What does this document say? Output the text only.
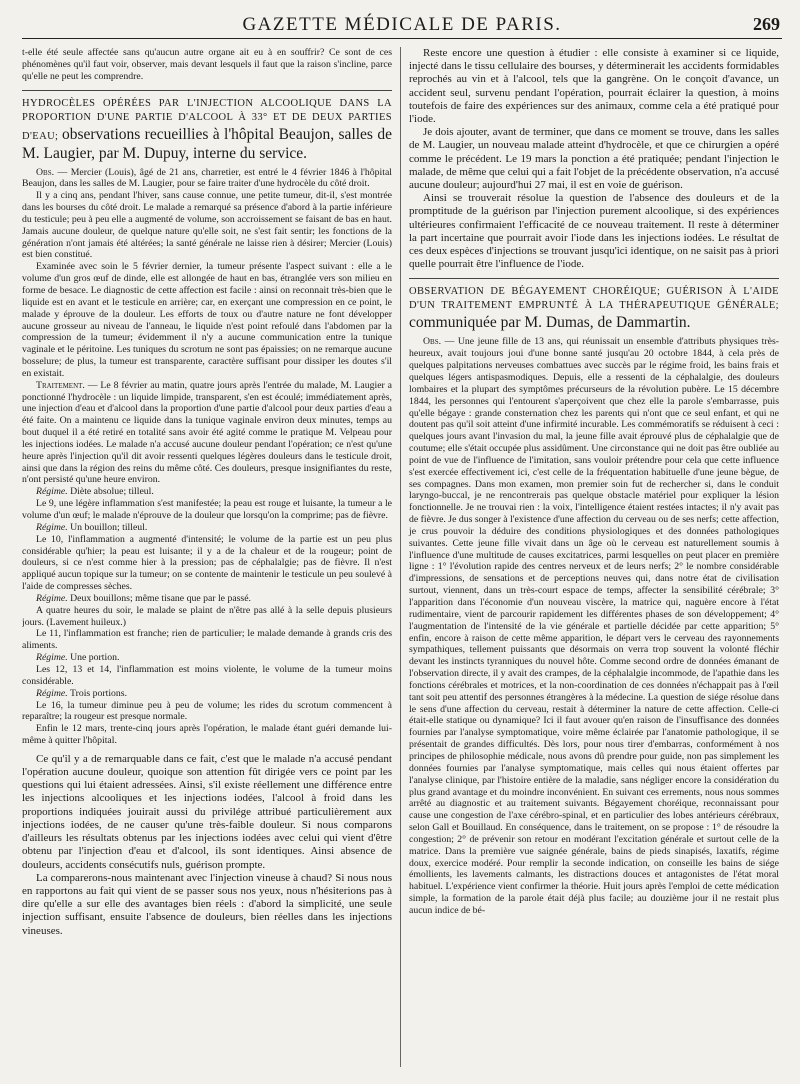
GAZETTE MÉDICALE DE PARIS.	269

t-elle été seule affectée sans qu'aucun autre organe ait eu à en souffrir? Ce sont de ces phénomènes qu'il faut voir, observer, mais devant lesquels il faut que la raison s'incline, parce qu'elle ne peut les comprendre.

HYDROCÈLES OPÉRÉES PAR L'INJECTION ALCOOLIQUE DANS LA PROPORTION D'UNE PARTIE D'ALCOOL À 33° ET DE DEUX PARTIES D'EAU; observations recueillies à l'hôpital Beaujon, salles de M. Laugier, par M. Dupuy, interne du service.

Obs. — Mercier (Louis), âgé de 21 ans, charretier, est entré le 4 février 1846 à l'hôpital Beaujon, dans les salles de M. Laugier, pour se faire traiter d'une hydrocèle du côté droit.

Il y a cinq ans, pendant l'hiver, sans cause connue, une petite tumeur, dit-il, s'est montrée dans les bourses du côté droit. Le malade a remarqué sa présence d'abord à la partie inférieure du testicule; peu à peu elle a augmenté de volume, son accroissement se faisant de bas en haut. Jamais aucune douleur, de quelque nature qu'elle soit, ne s'est fait sentir; les fonctions de la génération n'ont jamais été altérées; la santé générale ne laisse rien à désirer; Mercier (Louis) est bien constitué.

Examinée avec soin le 5 février dernier, la tumeur présente l'aspect suivant : elle a le volume d'un gros œuf de dinde, elle est allongée de haut en bas, étranglée vers son milieu en forme de besace. Le diagnostic de cette affection est facile : ainsi on reconnait très-bien que le liquide est en avant et le testicule en arrière; car, en exerçant une compression en ce point, le malade y éprouve de la douleur. Les efforts de toux ou d'autre nature ne font développer aucune grosseur au niveau de l'anneau, le liquide n'est point refoulé dans l'abdomen par la compression de la tumeur; évidemment il n'y a aucune communication entre la tunique vaginale et le péritoine. Les tuniques du scrotum ne sont pas épaissies; on ne remarque aucune bosselure; de plus, la tumeur est transparente, caractère suffisant pour dissiper les doutes s'il en existait.

Traitement. — Le 8 février au matin, quatre jours après l'entrée du malade, M. Laugier a ponctionné l'hydrocèle : un liquide limpide, transparent, s'en est écoulé; immédiatement après, une injection d'eau et d'alcool dans la proportion d'une partie d'alcool pour deux parties d'eau a été faite. On a maintenu ce liquide dans la tunique vaginale environ deux minutes, temps au bout duquel il a été retiré en totalité sans avoir été agité comme le pratique M. Velpeau pour les injections iodées. Le malade n'a accusé aucune douleur pendant l'opération; ce n'est qu'une heure après l'injection qu'il dit avoir ressenti quelques légères douleurs dans le testicule droit, ainsi que dans la région des reins du même côté. Ces douleurs, presque insignifiantes du reste, n'ont persisté qu'une heure environ.

Régime. Diète absolue; tilleul.

Le 9, une légère inflammation s'est manifestée; la peau est rouge et luisante, la tumeur a le volume d'un œuf; le malade n'éprouve de la douleur que lorsqu'on la comprime; pas de fièvre.

Régime. Un bouillon; tilleul.

Le 10, l'inflammation a augmenté d'intensité; le volume de la partie est un peu plus considérable qu'hier; la peau est luisante; il y a de la chaleur et de la rougeur; point de douleurs, si ce n'est comme hier à la pression; pas de céphalalgie; pas de fièvre. Il n'est appliqué aucun topique sur la tumeur; on se contente de maintenir le testicule un peu soulevé à l'aide de compresses sèches.

Régime. Deux bouillons; même tisane que par le passé.

A quatre heures du soir, le malade se plaint de n'être pas allé à la selle depuis plusieurs jours. (Lavement huileux.)

Le 11, l'inflammation est franche; rien de particulier; le malade demande à grands cris des aliments.

Régime. Une portion.

Les 12, 13 et 14, l'inflammation est moins violente, le volume de la tumeur moins considérable.

Régime. Trois portions.

Le 16, la tumeur diminue peu à peu de volume; les rides du scrotum commencent à reparaître; la rougeur est presque normale.

Enfin le 12 mars, trente-cinq jours après l'opération, le malade étant guéri demande lui-même à quitter l'hôpital.

Ce qu'il y a de remarquable dans ce fait, c'est que le malade n'a accusé pendant l'opération aucune douleur, quoique son attention fût dirigée vers ce point par les questions qui lui étaient adressées. Ainsi, s'il existe réellement une différence entre les injections alcooliques et les injections iodées, l'alcool à froid dans les proportions indiquées jouirait aussi du privilége attribué particulièrement aux injections iodées, de ne causer qu'une très-faible douleur. Si nous comparons d'ailleurs les résultats obtenus par les injections iodées avec celui qui vient d'être obtenu par l'injection d'eau et d'alcool, ils sont identiques. Ainsi absence de douleurs, accidents consécutifs nuls, guérison prompte.

La comparerons-nous maintenant avec l'injection vineuse à chaud? Si nous nous en rapportons au fait qui vient de se passer sous nos yeux, nous n'hésiterions pas à dire qu'elle a sur elle des avantages bien réels : d'abord la simplicité, une seule injection suffisant, ensuite l'absence de douleurs, bien réelles dans les injections vineuses.

Reste encore une question à étudier : elle consiste à examiner si ce liquide, injecté dans le tissu cellulaire des bourses, y déterminerait les accidents formidables reprochés au vin et à l'alcool, tels que la gangrène. On le conçoit d'avance, un accident seul, survenu pendant l'opération, pourrait éclairer la question, à moins toutefois de faire des expériences sur des animaux, comme cela a été pratiqué pour l'iode.

Je dois ajouter, avant de terminer, que dans ce moment se trouve, dans les salles de M. Laugier, un nouveau malade atteint d'hydrocèle, et que ce chirurgien a opéré comme le précédent. Le 19 mars la ponction a été pratiquée; pendant l'injection le malade, de même que celui qui a fait l'objet de la précédente observation, n'a accusé aucune douleur; aujourd'hui 27 mai, il est en voie de guérison.

Ainsi se trouverait résolue la question de l'absence des douleurs et de la promptitude de la guérison par l'injection purement alcoolique, si des expériences ultérieures confirmaient l'efficacité de ce nouveau traitement. Il reste à déterminer la part incertaine que pourrait avoir l'iode dans les injections iodées. Le résultat de ces deux espèces d'injections se trouvant jusqu'ici identique, on ne saisit pas à priori quelle pourrait être l'influence de l'iode.

OBSERVATION DE BÉGAYEMENT CHORÉIQUE; GUÉRISON À L'AIDE D'UN TRAITEMENT EMPRUNTÉ À LA THÉRAPEUTIQUE GÉNÉRALE; communiquée par M. Dumas, de Dammartin.

Obs. — Une jeune fille de 13 ans, qui réunissait un ensemble d'attributs physiques très-heureux, avait toujours joui d'une bonne santé jusqu'au 20 octobre 1844, à cela près de quelques palpitations nerveuses combattues avec succès par le régime froid, les bains frais et quelques légers antispasmodiques. Depuis, elle a ressenti de la céphalalgie, des douleurs lombaires et la plupart des symptômes précurseurs de la révolution pubère. Le 15 décembre 1844, les personnes qui l'entourent s'aperçoivent que chez elle la parole s'embarrasse, puis qu'elle bégaye : grande consternation chez les parents qui n'ont que ce seul enfant, et qui ne doutent pas qu'il soit atteint d'une infirmité incurable. Les commémoratifs se réduisent à ceci : quelques jours avant l'invasion du mal, la jeune fille avait éprouvé plus de céphalalgie que de coutume; elle s'était occupée plus assidûment. Une circonstance qui ne doit pas être oubliée au point de vue de l'influence de l'imitation, sans vouloir prétendre pour cela que cette influence s'est exercée effectivement ici, c'est celle de la fréquentation habituelle d'une jeune bègue, de ses compagnes. Dans mon examen, mon premier soin fut de rechercher si, dans le conduit laryngo-buccal, je ne rencontrerais pas quelque obstacle matériel pour expliquer la lésion fonctionnelle. Je ne trouvai rien : la voix, l'intelligence étaient restées intactes; il n'y avait pas de fièvre. Je dus songer à l'existence d'une affection du cerveau ou de ses nerfs; cette affection, je crus pouvoir la déduire des conditions physiologiques et des données pathologiques suivantes. Cette jeune fille vivait dans un âge où le cerveau est naturellement soumis à l'influence d'une multitude de causes excitatrices, parmi lesquelles on peut placer en première ligne : 1° l'évolution rapide des centres nerveux et de leurs nerfs; 2° le nombre considérable d'impressions, de sensations et de perceptions neuves qui, dans notre état de civilisation surtout, viennent, dans un très-court espace de temps, affecter la sensibilité cérébrale; 3° l'apparition dans l'économie d'un nouveau viscère, la matrice qui, naguère encore à l'état rudimentaire, vient de parcourir rapidement les différentes phases de son développement; 4° l'augmentation de l'intensité de la vie générale et partielle décidée par cette apparition; 5° enfin, encore à raison de cette même apparition, le départ vers le cerveau des rayonnements sympathiques, tellement puissants que désormais on verra trop souvent la volonté fléchir devant les instincts tyranniques du nouvel hôte. Comme second ordre de données émanant de l'observation directe, il y avait des crampes, de la céphalalgie incommode, de l'apathie dans les fonctions cérébrales et motrices, et la non-coordination de ces données n'échappait pas à l'œil tant soit peu attentif des personnes étrangères à la médecine. La question de siége résolue dans le sens d'une affection du cerveau, restait à déterminer la nature de cette affection. Celle-ci était-elle statique ou dynamique? Ici il faut avouer qu'en raison de l'insuffisance des données fournies par l'analyse symptomatique, voire même éclairée par l'anatomie pathologique, il se présentait de grandes difficultés. Dès lors, pour nous tirer d'embarras, conformément à nos principes de philosophie médicale, nous avons dû prendre pour guide, non pas simplement les données fournies par l'analyse symptomatique, mais celles qui nous étaient offertes par l'analyse clinique, par l'histoire entière de la maladie, sans négliger encore la considération du plus grand avantage et du moindre inconvénient. En suivant ces errements, nous nous sommes arrêté au diagnostic et au traitement suivants. Bégayement choréique, reconnaissant pour cause une congestion de l'axe cérébro-spinal, et en particulier des lobes antérieurs cérébraux, selon Gall et Bouillaud. En conséquence, dans le traitement, on se propose : 1° de résoudre la congestion; 2° de prévenir son retour en modérant l'excitation générale et surtout celle de la matrice. Dans la première vue saignée générale, bains de pieds sinapisés, laxatifs, régime doux, exercice modéré. Pour remplir la seconde indication, on conseille les bains de siége émollients, les lavements calmants, les distractions douces et antagonistes de l'état moral habituel. L'expérience vient confirmer la théorie. Huit jours après l'emploi de cette médication simple, la formation de la parole était déjà plus facile; au douzième jour il ne restait plus aucun indice de bé-
